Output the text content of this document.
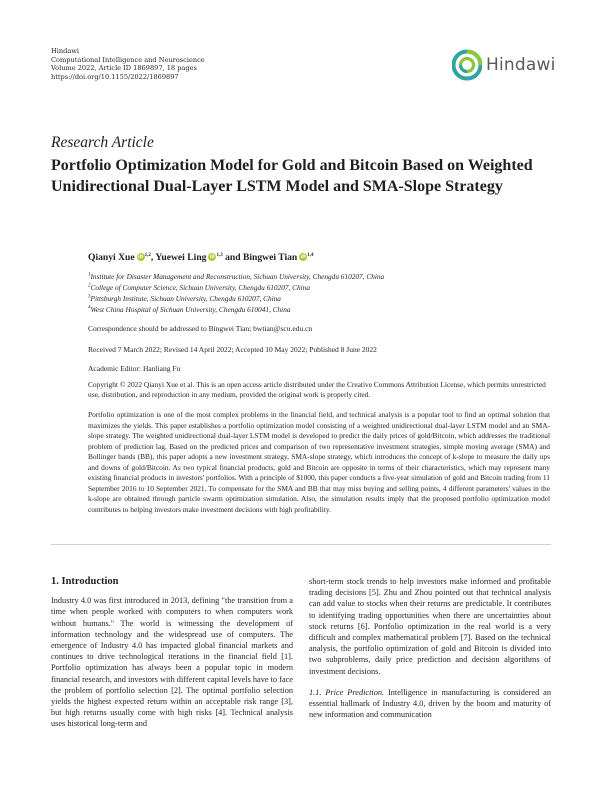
Hindawi
Computational Intelligence and Neuroscience
Volume 2022, Article ID 1869897, 18 pages
https://doi.org/10.1155/2022/1869897
Hindawi
Research Article
Portfolio Optimization Model for Gold and Bitcoin Based on Weighted Unidirectional Dual-Layer LSTM Model and SMA-Slope Strategy
Qianyi Xue iD $^{1,2}$, Yuewei Ling iD $^{1,3}$ and Bingwei Tian iD $^{1,4}$
$^1$Institute for Disaster Management and Reconstruction, Sichuan University, Chengdu 610207, China
$^2$College of Computer Science, Sichuan University, Chengdu 610207, China
$^3$Pittsburgh Institute, Sichuan University, Chengdu 610207, China
$^4$West China Hospital of Sichuan University, Chengdu 610041, China
Correspondence should be addressed to Bingwei Tian; bwtian@scu.edu.cn
Received 7 March 2022; Revised 14 April 2022; Accepted 10 May 2022; Published 8 June 2022
Academic Editor: Hanliang Fu
Copyright © 2022 Qianyi Xue et al. This is an open access article distributed under the Creative Commons Attribution License, which permits unrestricted use, distribution, and reproduction in any medium, provided the original work is properly cited.
Portfolio optimization is one of the most complex problems in the financial field, and technical analysis is a popular tool to find an optimal solution that maximizes the yields. This paper establishes a portfolio optimization model consisting of a weighted unidirectional dual-layer LSTM model and an SMA-slope strategy. The weighted unidirectional dual-layer LSTM model is developed to predict the daily prices of gold/Bitcoin, which addresses the traditional problem of prediction lag. Based on the predicted prices and comparison of two representative investment strategies, simple moving average (SMA) and Bollinger bands (BB), this paper adopts a new investment strategy, SMA-slope strategy, which introduces the concept of k-slope to measure the daily ups and downs of gold/Bitcoin. As two typical financial products, gold and Bitcoin are opposite in terms of their characteristics, which may represent many existing financial products in investors' portfolios. With a principle of $1000, this paper conducts a five-year simulation of gold and Bitcoin trading from 11 September 2016 to 10 September 2021. To compensate for the SMA and BB that may miss buying and selling points, 4 different parameters' values in the k-slope are obtained through particle swarm optimization simulation. Also, the simulation results imply that the proposed portfolio optimization model contributes to helping investors make investment decisions with high profitability.

1. Introduction

Industry 4.0 was first introduced in 2013, defining "the transition from a time when people worked with computers to when computers work without humans." The world is witnessing the development of information technology and the widespread use of computers. The emergence of Industry 4.0 has impacted global financial markets and continues to drive technological iterations in the financial field [1]. Portfolio optimization has always been a popular topic in modern financial research, and investors with different capital levels have to face the problem of portfolio selection [2]. The optimal portfolio selection yields the highest expected return within an acceptable risk range [3], but high returns usually come with high risks [4]. Technical analysis uses historical long-term and

short-term stock trends to help investors make informed and profitable trading decisions [5]. Zhu and Zhou pointed out that technical analysis can add value to stocks when their returns are predictable. It contributes to identifying trading opportunities when there are uncertainties about stock returns [6]. Portfolio optimization in the real world is a very difficult and complex mathematical problem [7]. Based on the technical analysis, the portfolio optimization of gold and Bitcoin is divided into two subproblems, daily price prediction and decision algorithms of investment decisions.

1.1. Price Prediction. Intelligence in manufacturing is considered an essential hallmark of Industry 4.0, driven by the boom and maturity of new information and communication
